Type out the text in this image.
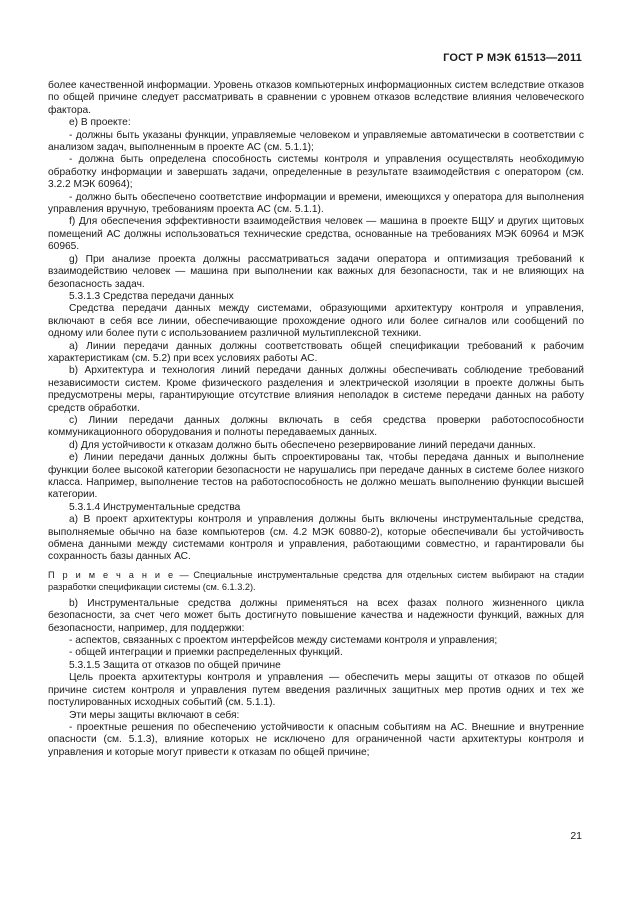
ГОСТ Р МЭК 61513—2011

более качественной информации. Уровень отказов компьютерных информационных систем вследствие отказов по общей причине следует рассматривать в сравнении с уровнем отказов вследствие влияния человеческого фактора.

e) В проекте:

- должны быть указаны функции, управляемые человеком и управляемые автоматически в соответствии с анализом задач, выполненным в проекте АС (см. 5.1.1);

- должна быть определена способность системы контроля и управления осуществлять необходимую обработку информации и завершать задачи, определенные в результате взаимодействия с оператором (см. 3.2.2 МЭК 60964);

- должно быть обеспечено соответствие информации и времени, имеющихся у оператора для выполнения управления вручную, требованиям проекта АС (см. 5.1.1).

f) Для обеспечения эффективности взаимодействия человек — машина в проекте БЩУ и других щитовых помещений АС должны использоваться технические средства, основанные на требованиях МЭК 60964 и МЭК 60965.

g) При анализе проекта должны рассматриваться задачи оператора и оптимизация требований к взаимодействию человек — машина при выполнении как важных для безопасности, так и не влияющих на безопасность задач.

5.3.1.3 Средства передачи данных

Средства передачи данных между системами, образующими архитектуру контроля и управления, включают в себя все линии, обеспечивающие прохождение одного или более сигналов или сообщений по одному или более пути с использованием различной мультиплексной техники.

a) Линии передачи данных должны соответствовать общей спецификации требований к рабочим характеристикам (см. 5.2) при всех условиях работы АС.

b) Архитектура и технология линий передачи данных должны обеспечивать соблюдение требований независимости систем. Кроме физического разделения и электрической изоляции в проекте должны быть предусмотрены меры, гарантирующие отсутствие влияния неполадок в системе передачи данных на работу средств обработки.

c) Линии передачи данных должны включать в себя средства проверки работоспособности коммуникационного оборудования и полноты передаваемых данных.

d) Для устойчивости к отказам должно быть обеспечено резервирование линий передачи данных.

e) Линии передачи данных должны быть спроектированы так, чтобы передача данных и выполнение функции более высокой категории безопасности не нарушались при передаче данных в системе более низкого класса. Например, выполнение тестов на работоспособность не должно мешать выполнению функции высшей категории.

5.3.1.4 Инструментальные средства

a) В проект архитектуры контроля и управления должны быть включены инструментальные средства, выполняемые обычно на базе компьютеров (см. 4.2 МЭК 60880-2), которые обеспечивали бы устойчивость обмена данными между системами контроля и управления, работающими совместно, и гарантировали бы сохранность базы данных АС.

П р и м е ч а н и е — Специальные инструментальные средства для отдельных систем выбирают на стадии разработки спецификации системы (см. 6.1.3.2).

b) Инструментальные средства должны применяться на всех фазах полного жизненного цикла безопасности, за счет чего может быть достигнуто повышение качества и надежности функций, важных для безопасности, например, для поддержки:

- аспектов, связанных с проектом интерфейсов между системами контроля и управления;

- общей интеграции и приемки распределенных функций.

5.3.1.5 Защита от отказов по общей причине

Цель проекта архитектуры контроля и управления — обеспечить меры защиты от отказов по общей причине систем контроля и управления путем введения различных защитных мер против одних и тех же постулированных исходных событий (см. 5.1.1).

Эти меры защиты включают в себя:

- проектные решения по обеспечению устойчивости к опасным событиям на АС. Внешние и внутренние опасности (см. 5.1.3), влияние которых не исключено для ограниченной части архитектуры контроля и управления и которые могут привести к отказам по общей причине;

21
